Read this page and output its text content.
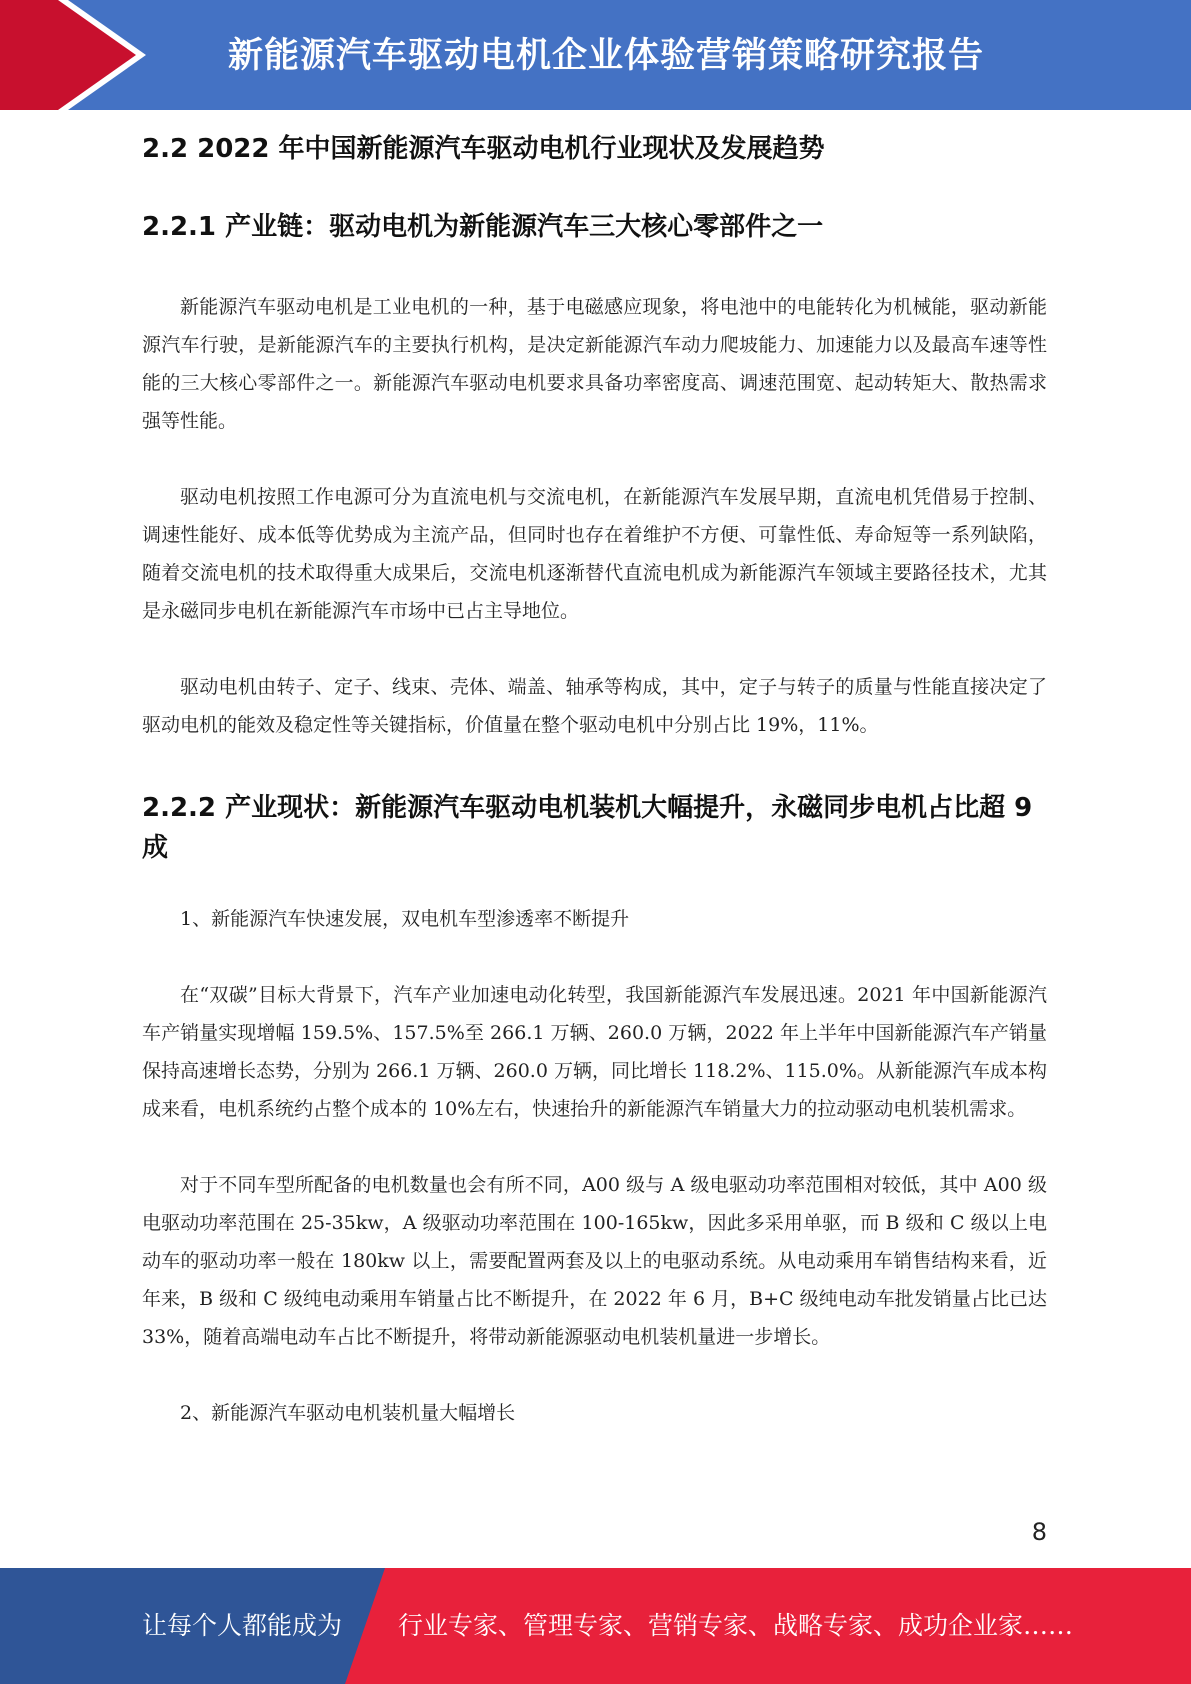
新能源汽车驱动电机企业体验营销策略研究报告
2.2 2022 年中国新能源汽车驱动电机行业现状及发展趋势
2.2.1 产业链：驱动电机为新能源汽车三大核心零部件之一

新能源汽车驱动电机是工业电机的一种，基于电磁感应现象，将电池中的电能转化为机械能，驱动新能源汽车行驶，是新能源汽车的主要执行机构，是决定新能源汽车动力爬坡能力、加速能力以及最高车速等性能的三大核心零部件之一。新能源汽车驱动电机要求具备功率密度高、调速范围宽、起动转矩大、散热需求强等性能。

驱动电机按照工作电源可分为直流电机与交流电机，在新能源汽车发展早期，直流电机凭借易于控制、调速性能好、成本低等优势成为主流产品，但同时也存在着维护不方便、可靠性低、寿命短等一系列缺陷，随着交流电机的技术取得重大成果后，交流电机逐渐替代直流电机成为新能源汽车领域主要路径技术，尤其是永磁同步电机在新能源汽车市场中已占主导地位。

驱动电机由转子、定子、线束、壳体、端盖、轴承等构成，其中，定子与转子的质量与性能直接决定了驱动电机的能效及稳定性等关键指标，价值量在整个驱动电机中分别占比 19%，11%。

2.2.2 产业现状：新能源汽车驱动电机装机大幅提升，永磁同步电机占比超 9 成

1、新能源汽车快速发展，双电机车型渗透率不断提升

在“双碳”目标大背景下，汽车产业加速电动化转型，我国新能源汽车发展迅速。2021 年中国新能源汽车产销量实现增幅 159.5%、157.5%至 266.1 万辆、260.0 万辆，2022 年上半年中国新能源汽车产销量保持高速增长态势，分别为 266.1 万辆、260.0 万辆，同比增长 118.2%、115.0%。从新能源汽车成本构成来看，电机系统约占整个成本的 10%左右，快速抬升的新能源汽车销量大力的拉动驱动电机装机需求。

对于不同车型所配备的电机数量也会有所不同，A00 级与 A 级电驱动功率范围相对较低，其中 A00 级电驱动功率范围在 25-35kw，A 级驱动功率范围在 100-165kw，因此多采用单驱，而 B 级和 C 级以上电动车的驱动功率一般在 180kw 以上，需要配置两套及以上的电驱动系统。从电动乘用车销售结构来看，近年来，B 级和 C 级纯电动乘用车销量占比不断提升，在 2022 年 6 月，B+C 级纯电动车批发销量占比已达 33%，随着高端电动车占比不断提升，将带动新能源驱动电机装机量进一步增长。

2、新能源汽车驱动电机装机量大幅增长

8
让每个人都能成为 行业专家、管理专家、营销专家、战略专家、成功企业家……
